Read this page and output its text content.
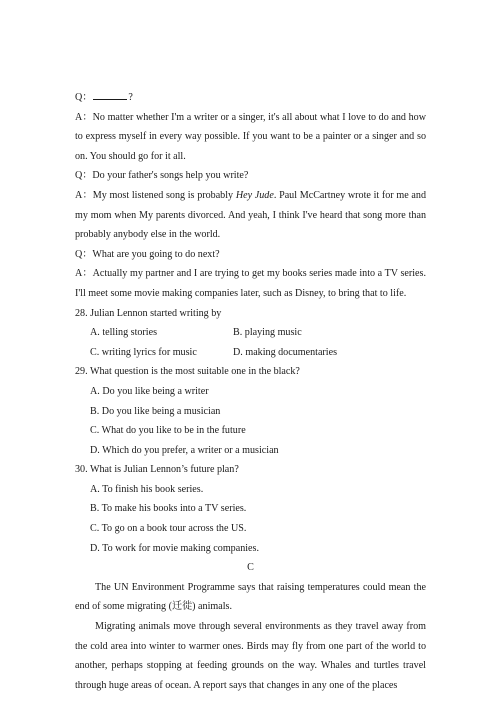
Q：	?
A：No matter whether I'm a writer or a singer, it's all about what I love to do and how to express myself in every way possible. If you want to be a painter or a singer and so on. You should go for it all.
Q：Do your father's songs help you write?
A：My most listened song is probably Hey Jude. Paul McCartney wrote it for me and my mom when My parents divorced. And yeah, I think I've heard that song more than probably anybody else in the world.
Q：What are you going to do next?
A：Actually my partner and I are trying to get my books series made into a TV series. I'll meet some movie making companies later, such as Disney, to bring that to life.
28. Julian Lennon started writing by
A. telling stories	B. playing music
C. writing lyrics for music	D. making documentaries
29. What question is the most suitable one in the black?
A. Do you like being a writer
B. Do you like being a musician
C. What do you like to be in the future
D. Which do you prefer, a writer or a musician
30. What is Julian Lennon’s future plan?
A. To finish his book series.
B. To make his books into a TV series.
C. To go on a book tour across the US.
D. To work for movie making companies.
C
The UN Environment Programme says that raising temperatures could mean the end of some migrating (迁徙) animals.
Migrating animals move through several environments as they travel away from the cold area into winter to warmer ones. Birds may fly from one part of the world to another, perhaps stopping at feeding grounds on the way. Whales and turtles travel through huge areas of ocean. A report says that changes in any one of the places
